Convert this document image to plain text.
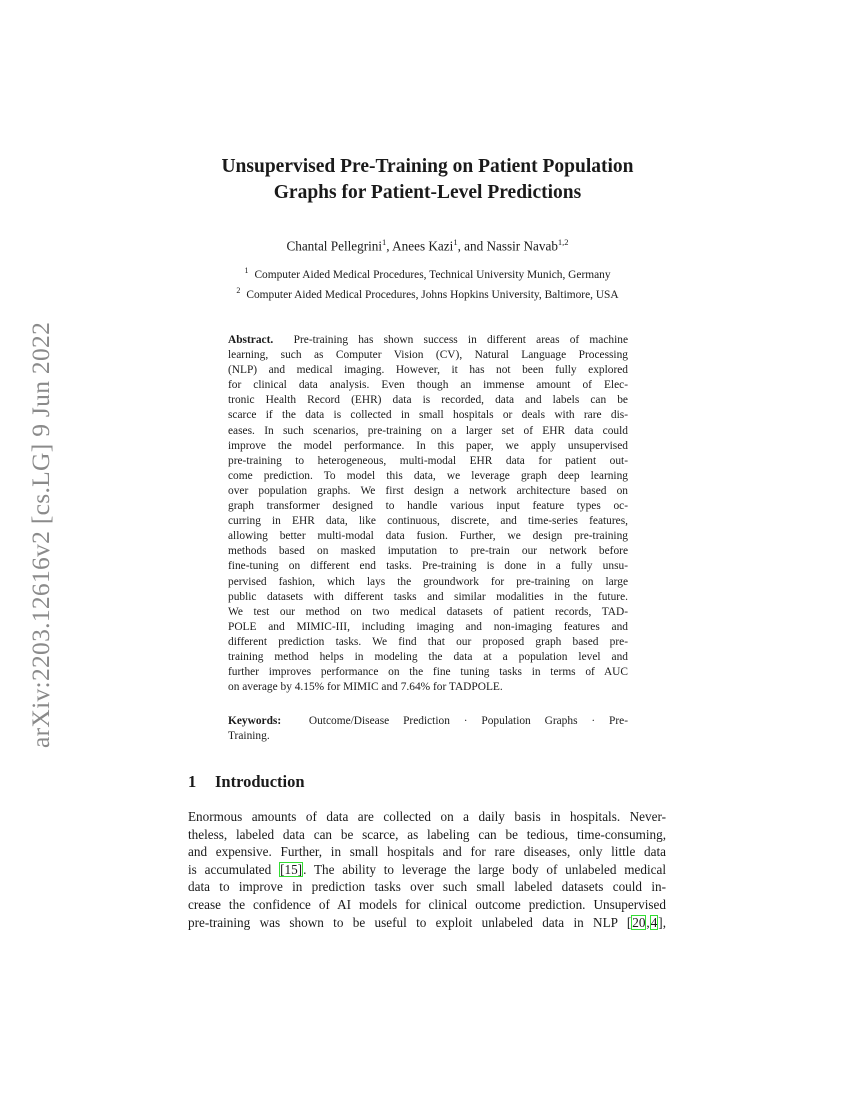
arXiv:2203.12616v2 [cs.LG] 9 Jun 2022
Unsupervised Pre-Training on Patient Population
Graphs for Patient-Level Predictions
Chantal Pellegrini$^1$, Anees Kazi$^1$, and Nassir Navab$^{1,2}$
$^1$ Computer Aided Medical Procedures, Technical University Munich, Germany
$^2$ Computer Aided Medical Procedures, Johns Hopkins University, Baltimore, USA
Abstract. Pre-training has shown success in different areas of machine
learning, such as Computer Vision (CV), Natural Language Processing
(NLP) and medical imaging. However, it has not been fully explored
for clinical data analysis. Even though an immense amount of Elec-
tronic Health Record (EHR) data is recorded, data and labels can be
scarce if the data is collected in small hospitals or deals with rare dis-
eases. In such scenarios, pre-training on a larger set of EHR data could
improve the model performance. In this paper, we apply unsupervised
pre-training to heterogeneous, multi-modal EHR data for patient out-
come prediction. To model this data, we leverage graph deep learning
over population graphs. We first design a network architecture based on
graph transformer designed to handle various input feature types oc-
curring in EHR data, like continuous, discrete, and time-series features,
allowing better multi-modal data fusion. Further, we design pre-training
methods based on masked imputation to pre-train our network before
fine-tuning on different end tasks. Pre-training is done in a fully unsu-
pervised fashion, which lays the groundwork for pre-training on large
public datasets with different tasks and similar modalities in the future.
We test our method on two medical datasets of patient records, TAD-
POLE and MIMIC-III, including imaging and non-imaging features and
different prediction tasks. We find that our proposed graph based pre-
training method helps in modeling the data at a population level and
further improves performance on the fine tuning tasks in terms of AUC
on average by 4.15% for MIMIC and 7.64% for TADPOLE.
Keywords: Outcome/Disease Prediction · Population Graphs · Pre-
Training.
1 Introduction
Enormous amounts of data are collected on a daily basis in hospitals. Never-
theless, labeled data can be scarce, as labeling can be tedious, time-consuming,
and expensive. Further, in small hospitals and for rare diseases, only little data
is accumulated [15]. The ability to leverage the large body of unlabeled medical
data to improve in prediction tasks over such small labeled datasets could in-
crease the confidence of AI models for clinical outcome prediction. Unsupervised
pre-training was shown to be useful to exploit unlabeled data in NLP [20,4],
